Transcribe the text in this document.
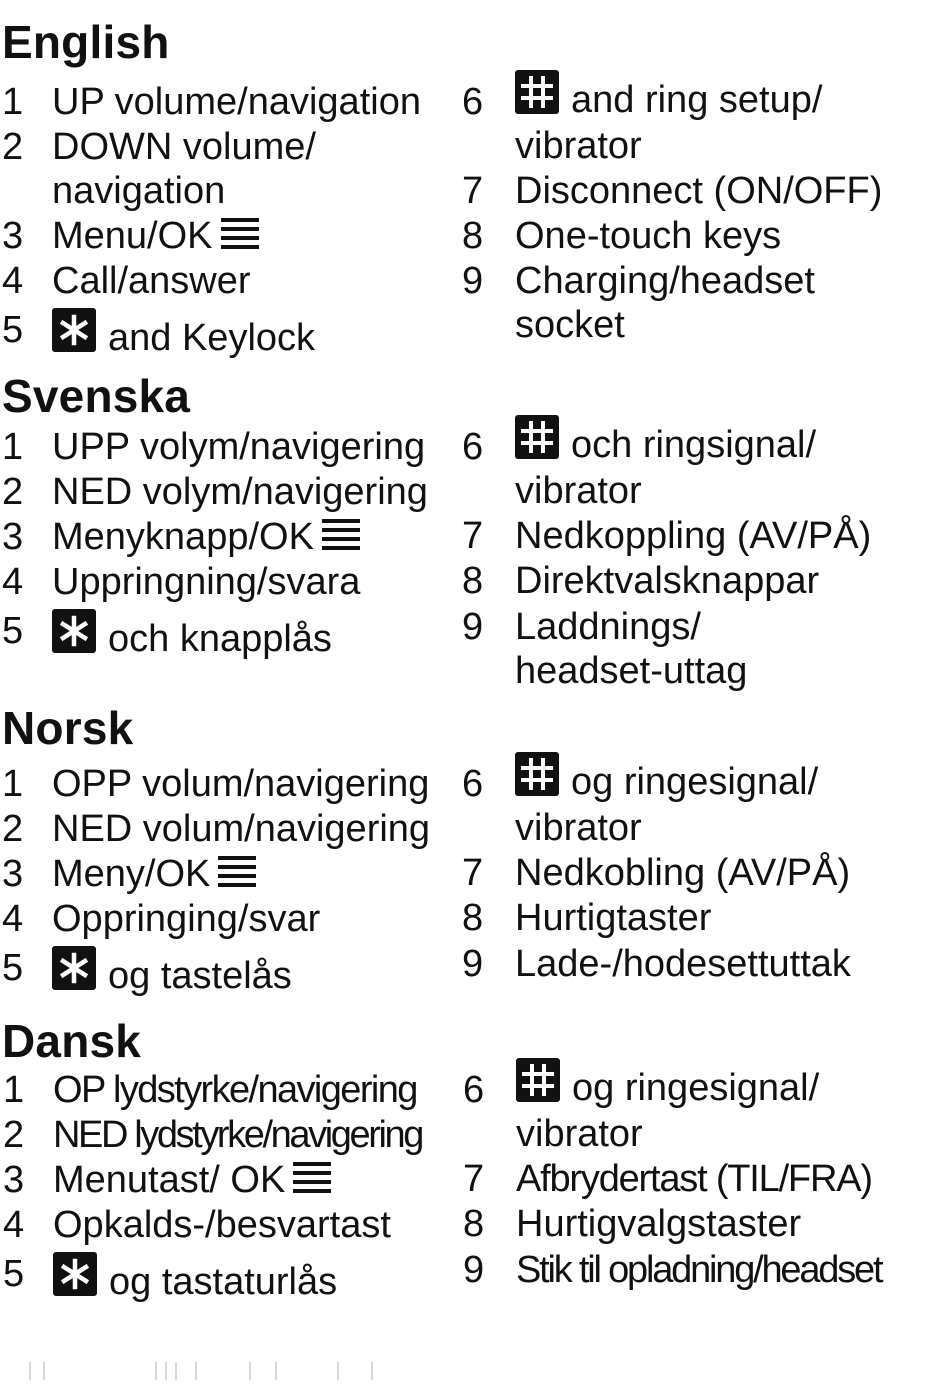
English
1 UP volume/navigation
2 DOWN volume/
navigation
3 Menu/OK
4 Call/answer
5	and Keylock
6	and ring setup/
vibrator
7 Disconnect (ON/OFF)
8 One-touch keys
9 Charging/headset
socket
Svenska
1 UPP volym/navigering
2 NED volym/navigering
3 Menyknapp/OK
4 Uppringning/svara
5	och knapplås
6	och ringsignal/
vibrator
7 Nedkoppling (AV/PÅ)
8 Direktvalsknappar
9 Laddnings/
headset-uttag
Norsk
1 OPP volum/navigering
2 NED volum/navigering
3 Meny/OK
4 Oppringing/svar
5	og tastelås
6	og ringesignal/
vibrator
7 Nedkobling (AV/PÅ)
8 Hurtigtaster
9 Lade-/hodesettuttak
Dansk
1 OP lydstyrke/navigering
2 NED lydstyrke/navigering
3 Menutast/ OK
4 Opkalds-/besvartast
5	og tastaturlås
6	og ringesignal/
vibrator
7 Afbrydertast (TIL/FRA)
8 Hurtigvalgstaster
9 Stik til opladning/headset
